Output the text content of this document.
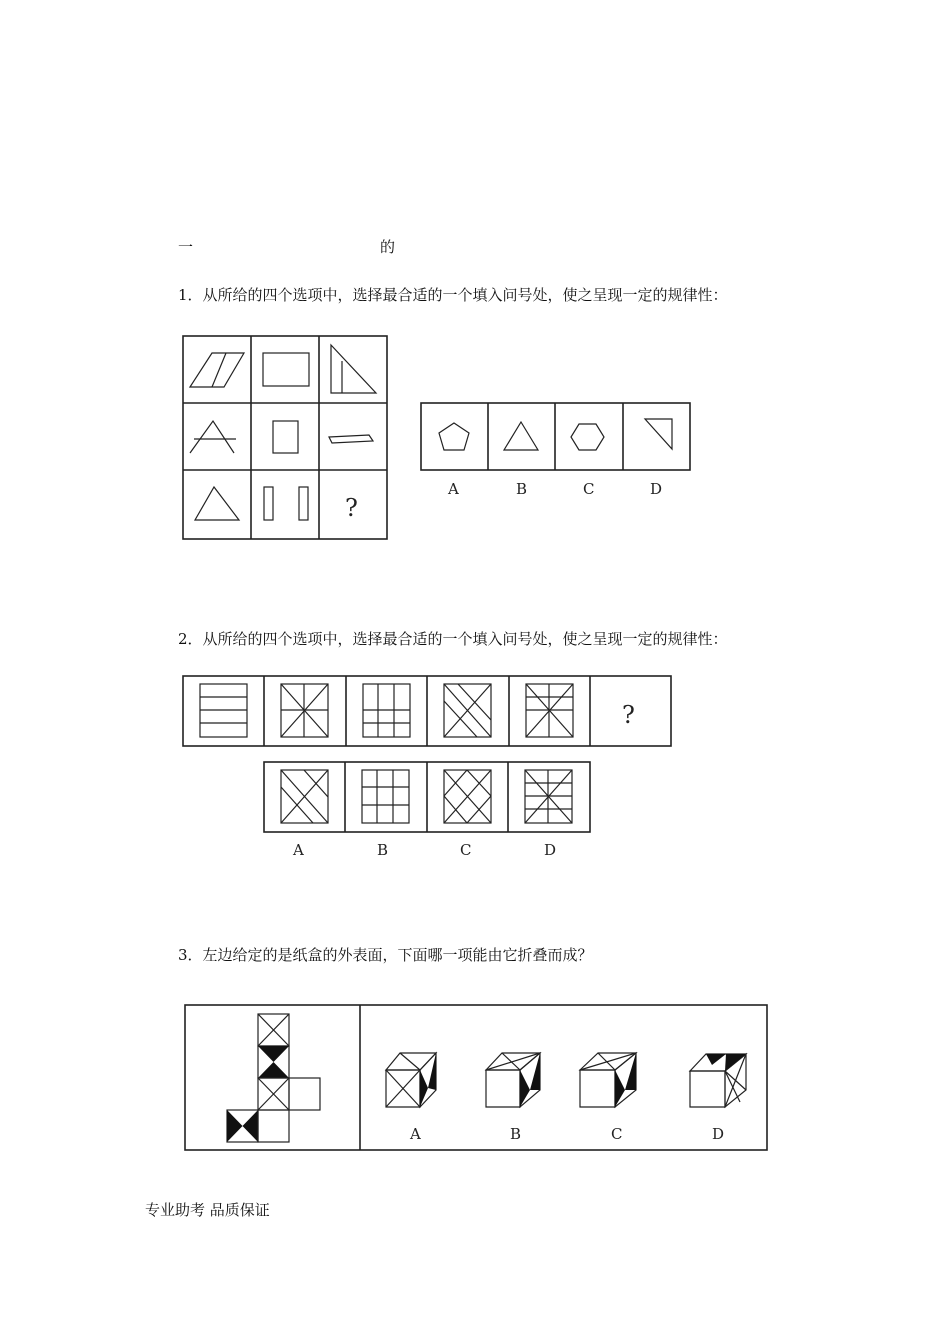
一	的
1．从所给的四个选项中，选择最合适的一个填入问号处，使之呈现一定的规律性：
?
A	B	C	D
2．从所给的四个选项中，选择最合适的一个填入问号处，使之呈现一定的规律性：
?
A	B	C	D
3．左边给定的是纸盒的外表面，下面哪一项能由它折叠而成？
A	B	C	D
专业助考 品质保证
